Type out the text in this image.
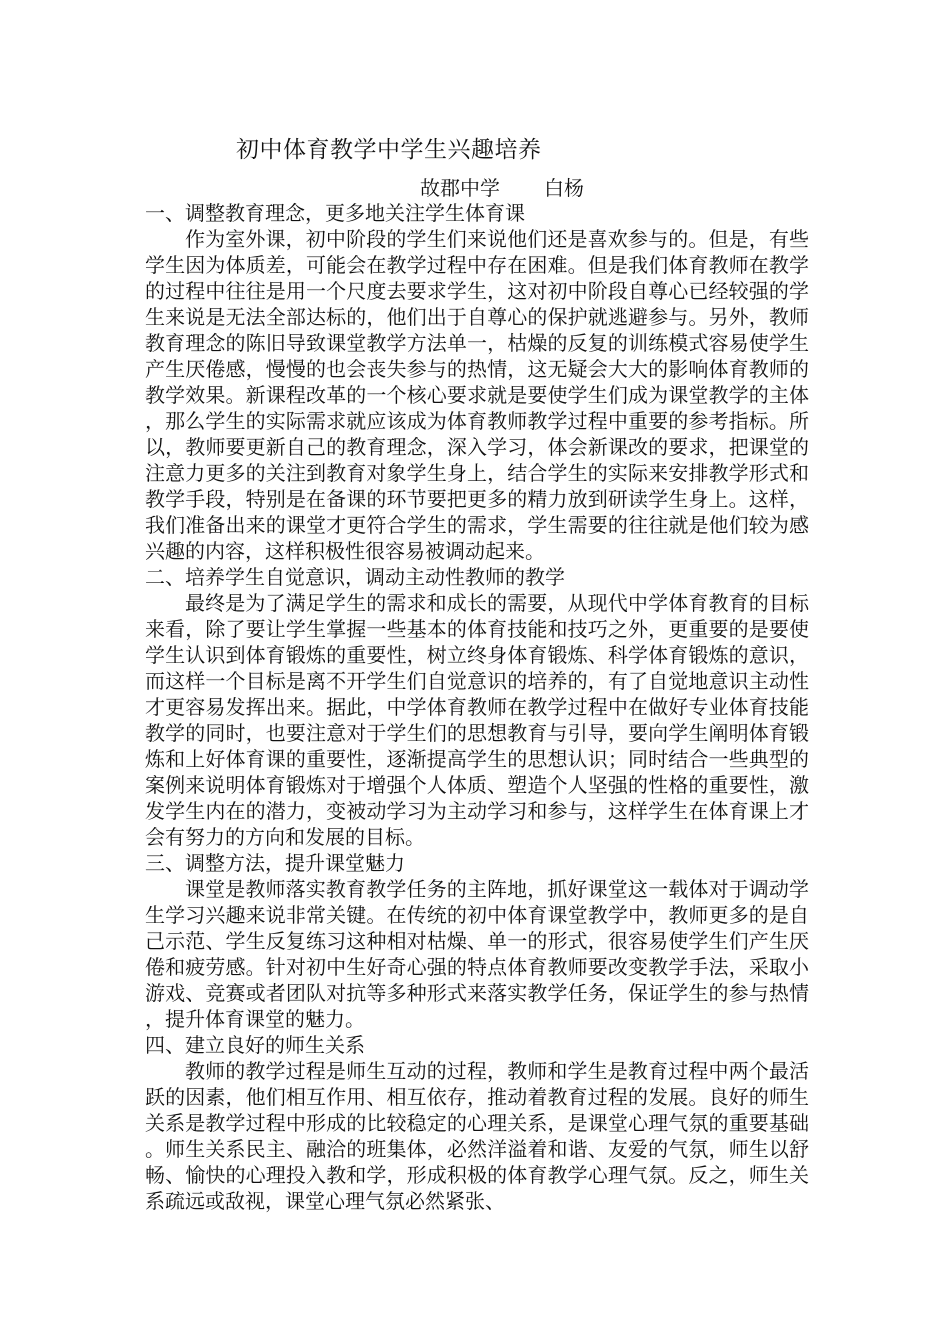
初中体育教学中学生兴趣培养
故郡中学 白杨

一、调整教育理念，更多地关注学生体育课

作为室外课，初中阶段的学生们来说他们还是喜欢参与的。但是，有些学生因为体质差，可能会在教学过程中存在困难。但是我们体育教师在教学的过程中往往是用一个尺度去要求学生，这对初中阶段自尊心已经较强的学生来说是无法全部达标的，他们出于自尊心的保护就逃避参与。另外，教师教育理念的陈旧导致课堂教学方法单一，枯燥的反复的训练模式容易使学生产生厌倦感，慢慢的也会丧失参与的热情，这无疑会大大的影响体育教师的教学效果。新课程改革的一个核心要求就是要使学生们成为课堂教学的主体，那么学生的实际需求就应该成为体育教师教学过程中重要的参考指标。所以，教师要更新自己的教育理念，深入学习，体会新课改的要求，把课堂的注意力更多的关注到教育对象学生身上，结合学生的实际来安排教学形式和教学手段，特别是在备课的环节要把更多的精力放到研读学生身上。这样，我们准备出来的课堂才更符合学生的需求，学生需要的往往就是他们较为感兴趣的内容，这样积极性很容易被调动起来。

二、培养学生自觉意识，调动主动性教师的教学

最终是为了满足学生的需求和成长的需要，从现代中学体育教育的目标来看，除了要让学生掌握一些基本的体育技能和技巧之外，更重要的是要使学生认识到体育锻炼的重要性，树立终身体育锻炼、科学体育锻炼的意识，而这样一个目标是离不开学生们自觉意识的培养的，有了自觉地意识主动性才更容易发挥出来。据此，中学体育教师在教学过程中在做好专业体育技能教学的同时，也要注意对于学生们的思想教育与引导，要向学生阐明体育锻炼和上好体育课的重要性，逐渐提高学生的思想认识；同时结合一些典型的案例来说明体育锻炼对于增强个人体质、塑造个人坚强的性格的重要性，激发学生内在的潜力，变被动学习为主动学习和参与，这样学生在体育课上才会有努力的方向和发展的目标。

三、调整方法，提升课堂魅力

课堂是教师落实教育教学任务的主阵地，抓好课堂这一载体对于调动学生学习兴趣来说非常关键。在传统的初中体育课堂教学中，教师更多的是自己示范、学生反复练习这种相对枯燥、单一的形式，很容易使学生们产生厌倦和疲劳感。针对初中生好奇心强的特点体育教师要改变教学手法，采取小游戏、竞赛或者团队对抗等多种形式来落实教学任务，保证学生的参与热情，提升体育课堂的魅力。

四、建立良好的师生关系

教师的教学过程是师生互动的过程，教师和学生是教育过程中两个最活跃的因素，他们相互作用、相互依存，推动着教育过程的发展。良好的师生关系是教学过程中形成的比较稳定的心理关系，是课堂心理气氛的重要基础。师生关系民主、融洽的班集体，必然洋溢着和谐、友爱的气氛，师生以舒畅、愉快的心理投入教和学，形成积极的体育教学心理气氛。反之，师生关系疏远或敌视，课堂心理气氛必然紧张、
